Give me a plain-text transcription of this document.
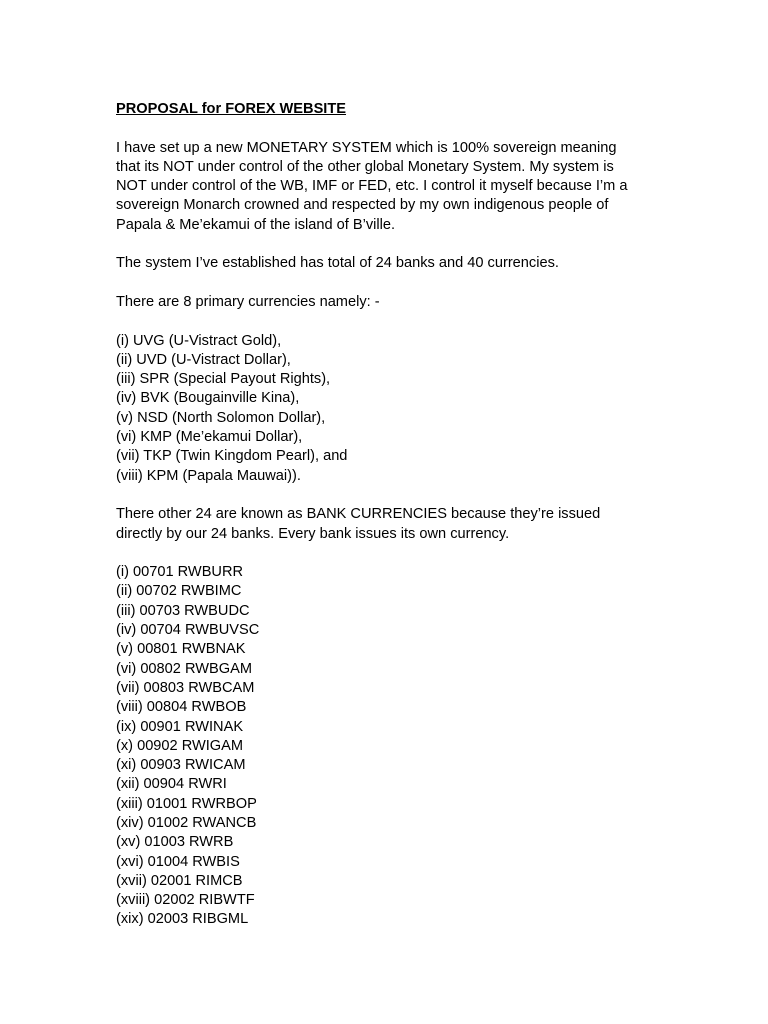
PROPOSAL for FOREX WEBSITE
I have set up a new MONETARY SYSTEM which is 100% sovereign meaning
that its NOT under control of the other global Monetary System. My system is
NOT under control of the WB, IMF or FED, etc. I control it myself because I’m a
sovereign Monarch crowned and respected by my own indigenous people of
Papala & Me’ekamui of the island of B’ville.
The system I’ve established has total of 24 banks and 40 currencies.
There are 8 primary currencies namely: -
(i) UVG (U-Vistract Gold),
(ii) UVD (U-Vistract Dollar),
(iii) SPR (Special Payout Rights),
(iv) BVK (Bougainville Kina),
(v) NSD (North Solomon Dollar),
(vi) KMP (Me’ekamui Dollar),
(vii) TKP (Twin Kingdom Pearl), and
(viii) KPM (Papala Mauwai)).
There other 24 are known as BANK CURRENCIES because they’re issued
directly by our 24 banks. Every bank issues its own currency.
(i) 00701 RWBURR
(ii) 00702 RWBIMC
(iii) 00703 RWBUDC
(iv) 00704 RWBUVSC
(v) 00801 RWBNAK
(vi) 00802 RWBGAM
(vii) 00803 RWBCAM
(viii) 00804 RWBOB
(ix) 00901 RWINAK
(x) 00902 RWIGAM
(xi) 00903 RWICAM
(xii) 00904 RWRI
(xiii) 01001 RWRBOP
(xiv) 01002 RWANCB
(xv) 01003 RWRB
(xvi) 01004 RWBIS
(xvii) 02001 RIMCB
(xviii) 02002 RIBWTF
(xix) 02003 RIBGML
